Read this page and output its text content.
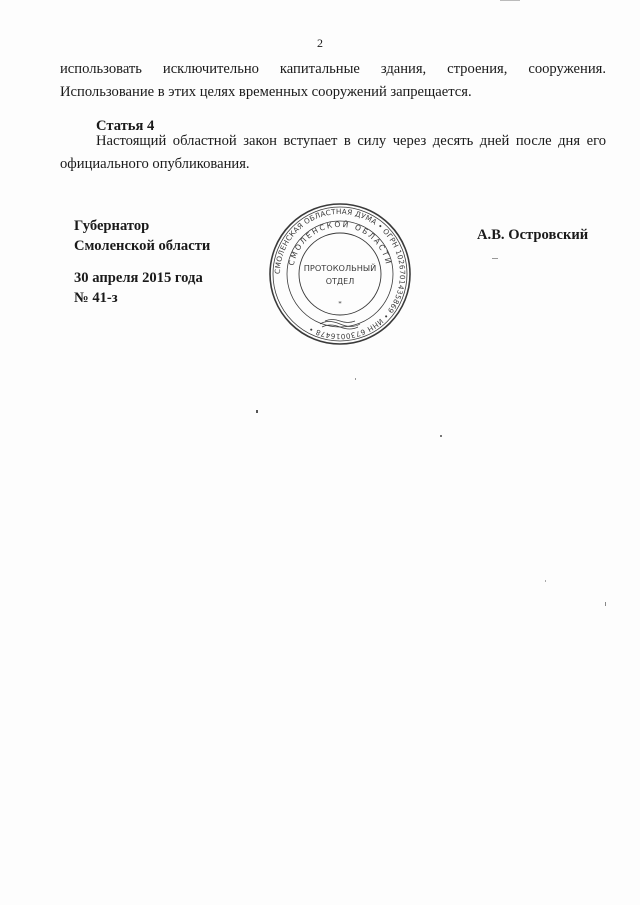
2
использовать исключительно капитальные здания, строения, сооружения.
Использование в этих целях временных сооружений запрещается.
Статья 4
Настоящий областной закон вступает в силу через десять дней после дня его
официального опубликования.
Губернатор
Смоленской области
30 апреля 2015 года
№ 41-з
А.В. Островский
СМОЛЕНСКАЯ ОБЛАСТНАЯ ДУМА • ОГРН 1026701435869 • ИНН 6730016478 •
СМОЛЕНСКОЙ ОБЛАСТИ
ПРОТОКОЛЬНЫЙ
ОТДЕЛ
*
